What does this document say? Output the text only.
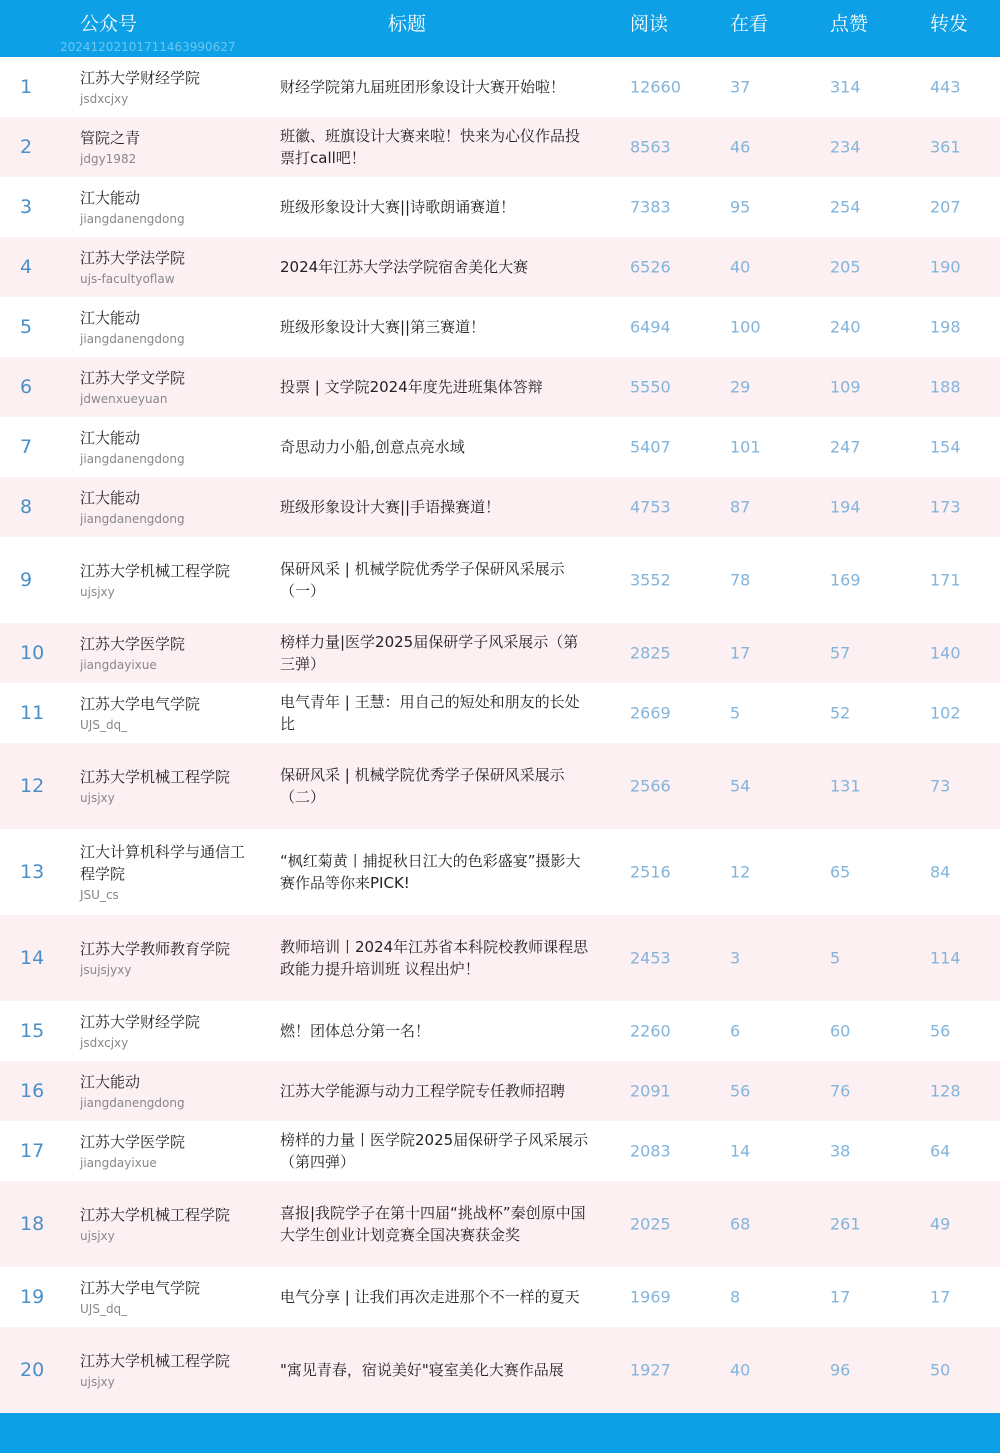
公众号	标题	阅读	在看	点赞	转发
20241202101711463990627
1	江苏大学财经学院
jsdxcjxy
财经学院第九届班团形象设计大赛开始啦！	12660	37	314	443
2	管院之青
jdgy1982
班徽、班旗设计大赛来啦！快来为心仪作品投票打call吧！
8563	46	234	361
3	江大能动
jiangdanengdong
班级形象设计大赛||诗歌朗诵赛道！	7383	95	254	207
4	江苏大学法学院
ujs-facultyoflaw
2024年江苏大学法学院宿舍美化大赛	6526	40	205	190
5	江大能动
jiangdanengdong
班级形象设计大赛||第三赛道！	6494	100	240	198
6	江苏大学文学院
jdwenxueyuan
投票 | 文学院2024年度先进班集体答辩	5550	29	109	188
7	江大能动
jiangdanengdong
奇思动力小船,创意点亮水域	5407	101	247	154
8	江大能动
jiangdanengdong
班级形象设计大赛||手语操赛道！	4753	87	194	173
9	江苏大学机械工程学院
ujsjxy
保研风采 | 机械学院优秀学子保研风采展示（一）
3552	78	169	171
10 江苏大学医学院
jiangdayixue
榜样力量|医学2025届保研学子风采展示（第三弹）
2825	17	57	140
11 江苏大学电气学院
UJS_dq_
电气青年 | 王慧：用自己的短处和朋友的长处比
2669	5	52	102
12 江苏大学机械工程学院
ujsjxy
保研风采 | 机械学院优秀学子保研风采展示（二）
2566	54	131	73
13
江大计算机科学与通信工程学院
JSU_cs
“枫红菊黄丨捕捉秋日江大的色彩盛宴”摄影大赛作品等你来PICK!
2516	12	65	84
14 江苏大学教师教育学院
jsujsjyxy
教师培训丨2024年江苏省本科院校教师课程思政能力提升培训班 议程出炉！
2453	3	5	114
15 江苏大学财经学院
jsdxcjxy
燃！团体总分第一名！	2260	6	60	56
16 江大能动
jiangdanengdong
江苏大学能源与动力工程学院专任教师招聘	2091	56	76	128
17 江苏大学医学院
jiangdayixue
榜样的力量丨医学院2025届保研学子风采展示（第四弹）
2083	14	38	64
18 江苏大学机械工程学院
ujsjxy
喜报|我院学子在第十四届“挑战杯”秦创原中国大学生创业计划竞赛全国决赛获金奖
2025	68	261	49
19 江苏大学电气学院
UJS_dq_
电气分享 | 让我们再次走进那个不一样的夏天	1969	8	17	17
20 江苏大学机械工程学院
ujsjxy
"寓见青春，宿说美好"寝室美化大赛作品展	1927	40	96	50
